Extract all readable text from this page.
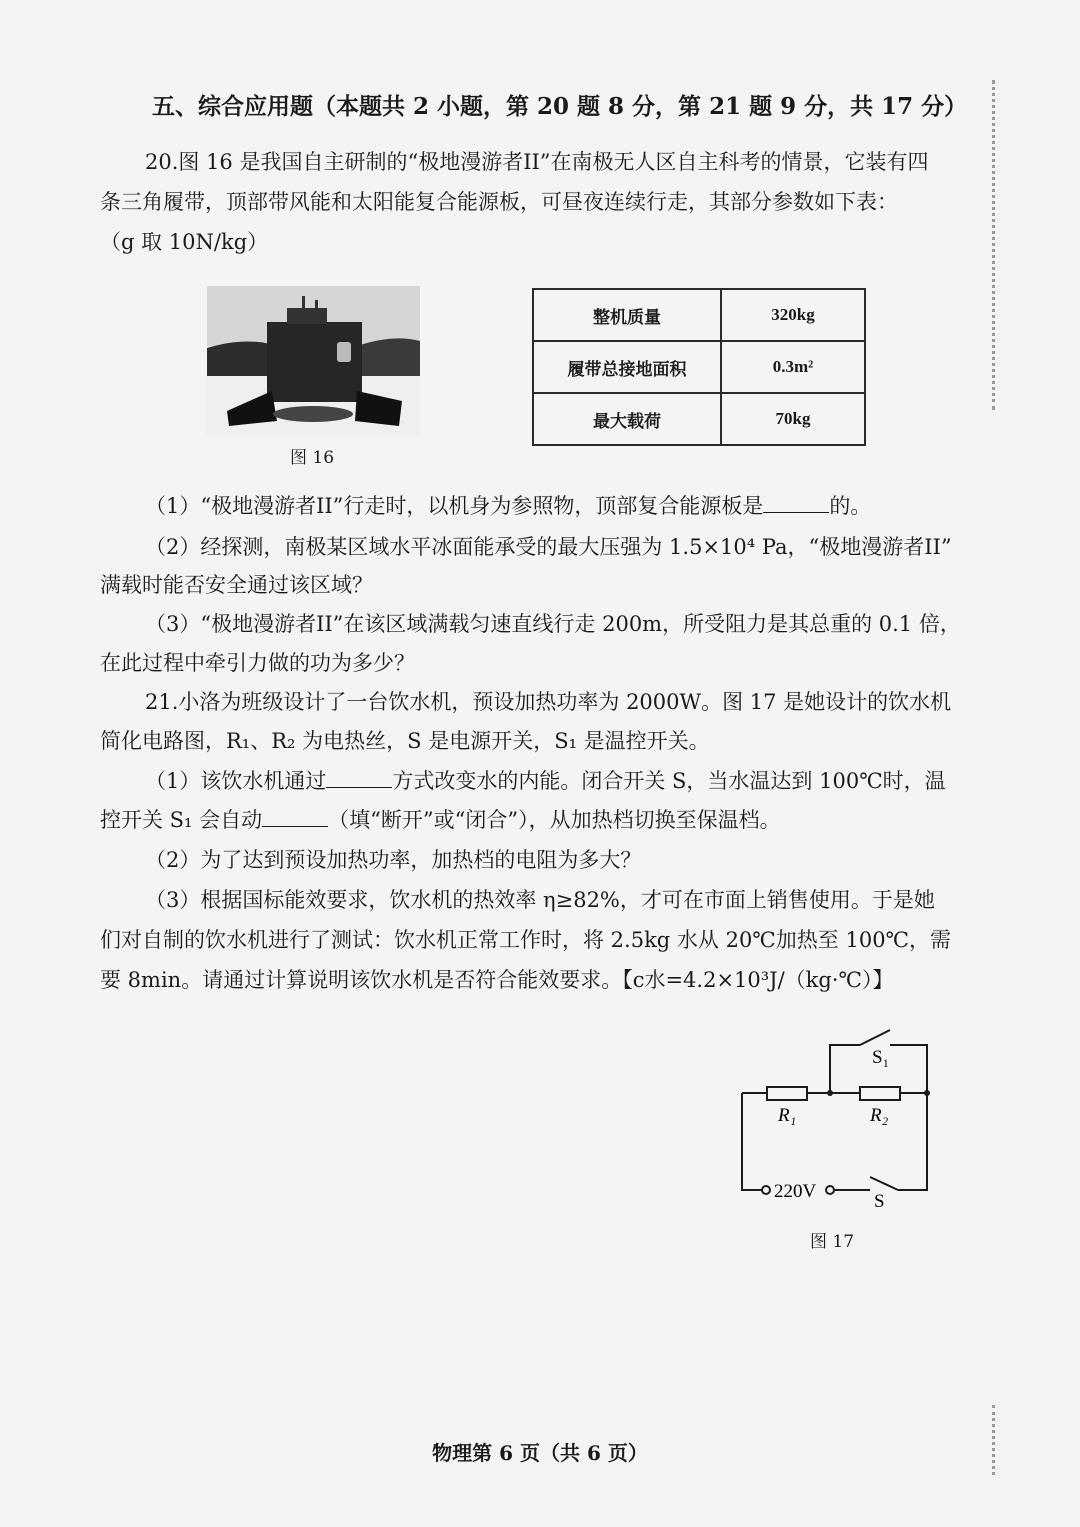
五、综合应用题（本题共 2 小题，第 20 题 8 分，第 21 题 9 分，共 17 分）
20.图 16 是我国自主研制的“极地漫游者II”在南极无人区自主科考的情景，它装有四
条三角履带，顶部带风能和太阳能复合能源板，可昼夜连续行走，其部分参数如下表：
（g 取 10N/kg）
图 16
整机质量	320kg
履带总接地面积	0.3m²
最大载荷	70kg
（1）“极地漫游者II”行走时，以机身为参照物，顶部复合能源板是	的。
（2）经探测，南极某区域水平冰面能承受的最大压强为 1.5×10⁴ Pa，“极地漫游者II”
满载时能否安全通过该区域？
（3）“极地漫游者II”在该区域满载匀速直线行走 200m，所受阻力是其总重的 0.1 倍，
在此过程中牵引力做的功为多少？
21.小洛为班级设计了一台饮水机，预设加热功率为 2000W。图 17 是她设计的饮水机
简化电路图，R₁、R₂ 为电热丝，S 是电源开关，S₁ 是温控开关。
（1）该饮水机通过	方式改变水的内能。闭合开关 S，当水温达到 100℃时，温
控开关 S₁ 会自动	（填“断开”或“闭合”），从加热档切换至保温档。
（2）为了达到预设加热功率，加热档的电阻为多大？
（3）根据国标能效要求，饮水机的热效率 η≥82%，才可在市面上销售使用。于是她
们对自制的饮水机进行了测试：饮水机正常工作时，将 2.5kg 水从 20℃加热至 100℃，需
要 8min。请通过计算说明该饮水机是否符合能效要求。【c水=4.2×10³J/（kg·℃）】
S₁
R₁	R₂
220V	S
图 17
物理第 6 页（共 6 页）
